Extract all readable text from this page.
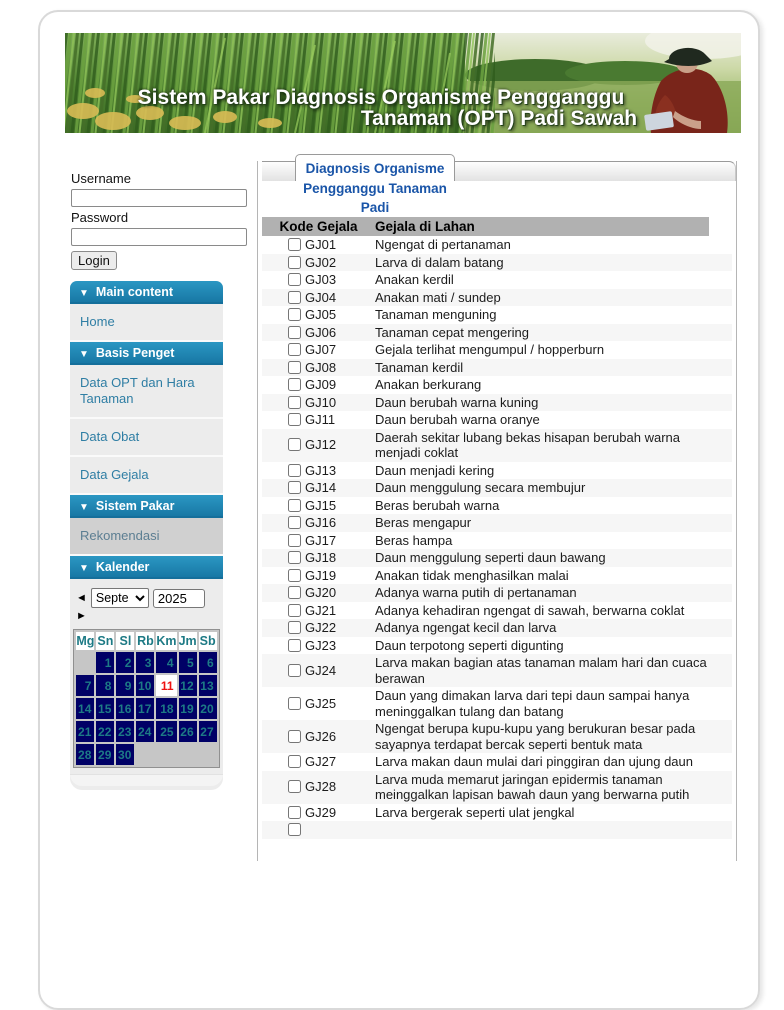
Sistem Pakar Diagnosis Organisme Pengganggu
Tanaman (OPT) Padi Sawah
Username
Password

Login
▼ Main content
Home
▼ Basis Penget
Data OPT dan Hara Tanaman
Data Obat
Data Gejala
▼ Sistem Pakar
Rekomendasi
▼ Kalender
◄
Septe
2025
►
Mg	Sn	Sl	Rb	Km	Jm	Sb
	1	2	3	4	5	6
7	8	9	10	11	12	13
14	15	16	17	18	19	20
21	22	23	24	25	26	27
28	29	30				
Diagnosis Organisme Pengganggu Tanaman Padi
Kode Gejala	Gejala di Lahan	
GJ01	Ngengat di pertanaman	
GJ02	Larva di dalam batang	
GJ03	Anakan kerdil	
GJ04	Anakan mati / sundep	
GJ05	Tanaman menguning	
GJ06	Tanaman cepat mengering	
GJ07	Gejala terlihat mengumpul / hopperburn	
GJ08	Tanaman kerdil	
GJ09	Anakan berkurang	
GJ10	Daun berubah warna kuning	
GJ11	Daun berubah warna oranye	
GJ12	Daerah sekitar lubang bekas hisapan berubah warna menjadi coklat	
GJ13	Daun menjadi kering	
GJ14	Daun menggulung secara membujur	
GJ15	Beras berubah warna	
GJ16	Beras mengapur	
GJ17	Beras hampa	
GJ18	Daun menggulung seperti daun bawang	
GJ19	Anakan tidak menghasilkan malai	
GJ20	Adanya warna putih di pertanaman	
GJ21	Adanya kehadiran ngengat di sawah, berwarna coklat	
GJ22	Adanya ngengat kecil dan larva	
GJ23	Daun terpotong seperti digunting	
GJ24	Larva makan bagian atas tanaman malam hari dan cuaca berawan	
GJ25	Daun yang dimakan larva dari tepi daun sampai hanya meninggalkan tulang dan batang	
GJ26	Ngengat berupa kupu-kupu yang berukuran besar pada sayapnya terdapat bercak seperti bentuk mata	
GJ27	Larva makan daun mulai dari pinggiran dan ujung daun	
GJ28	Larva muda memarut jaringan epidermis tanaman meinggalkan lapisan bawah daun yang berwarna putih	
GJ29	Larva bergerak seperti ulat jengkal	
